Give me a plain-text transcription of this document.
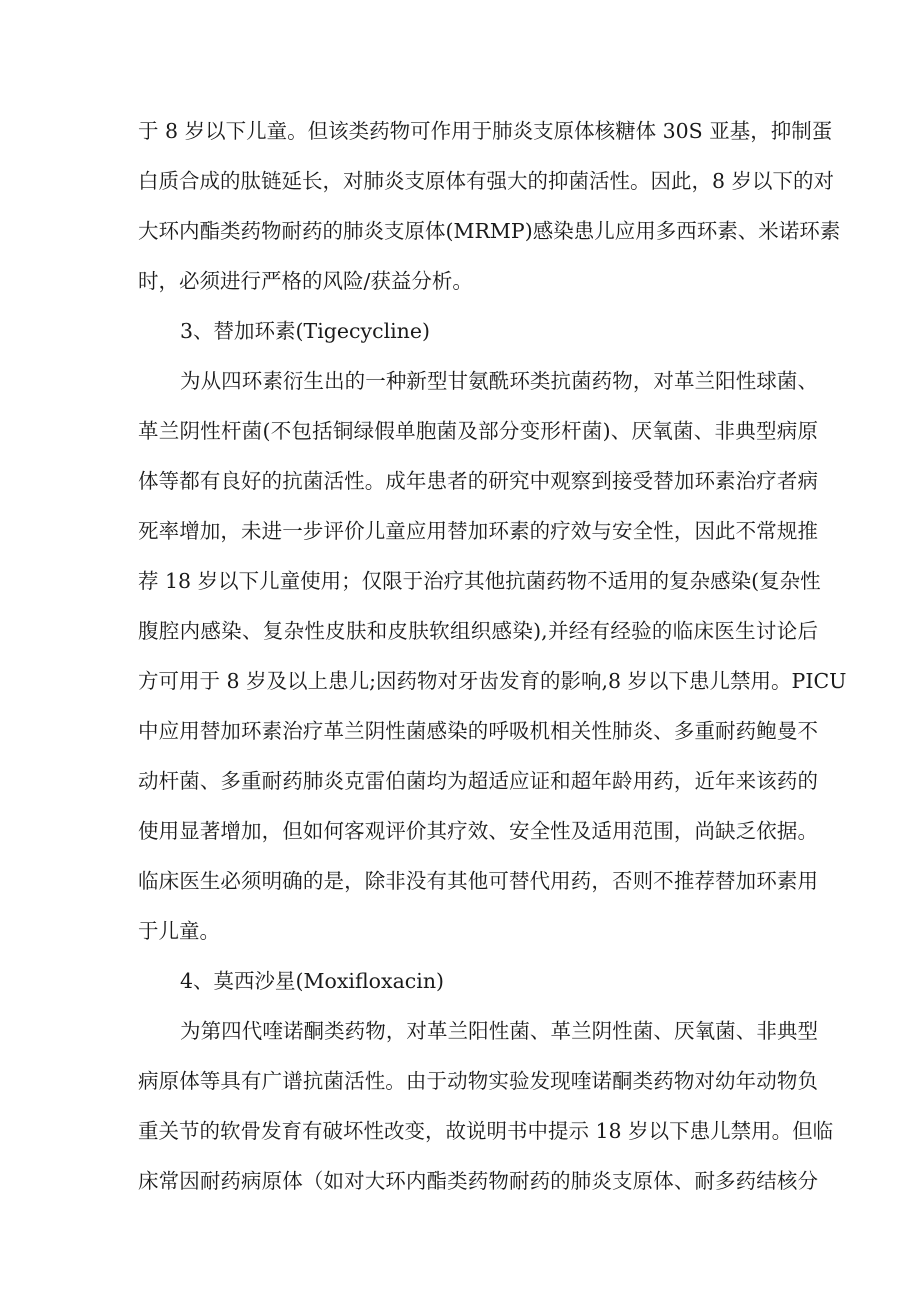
于 8 岁以下儿童。但该类药物可作用于肺炎支原体核糖体 30S 亚基，抑制蛋
白质合成的肽链延长，对肺炎支原体有强大的抑菌活性。因此，8 岁以下的对
大环内酯类药物耐药的肺炎支原体(MRMP)感染患儿应用多西环素、米诺环素
时，必须进行严格的风险/获益分析。
3、替加环素(Tigecycline)
为从四环素衍生出的一种新型甘氨酰环类抗菌药物，对革兰阳性球菌、
革兰阴性杆菌(不包括铜绿假单胞菌及部分变形杆菌)、厌氧菌、非典型病原
体等都有良好的抗菌活性。成年患者的研究中观察到接受替加环素治疗者病
死率增加，未进一步评价儿童应用替加环素的疗效与安全性，因此不常规推
荐 18 岁以下儿童使用；仅限于治疗其他抗菌药物不适用的复杂感染(复杂性
腹腔内感染、复杂性皮肤和皮肤软组织感染),并经有经验的临床医生讨论后
方可用于 8 岁及以上患儿;因药物对牙齿发育的影响,8 岁以下患儿禁用。PICU
中应用替加环素治疗革兰阴性菌感染的呼吸机相关性肺炎、多重耐药鲍曼不
动杆菌、多重耐药肺炎克雷伯菌均为超适应证和超年龄用药，近年来该药的
使用显著增加，但如何客观评价其疗效、安全性及适用范围，尚缺乏依据。
临床医生必须明确的是，除非没有其他可替代用药，否则不推荐替加环素用
于儿童。
4、莫西沙星(Moxifloxacin)
为第四代喹诺酮类药物，对革兰阳性菌、革兰阴性菌、厌氧菌、非典型
病原体等具有广谱抗菌活性。由于动物实验发现喹诺酮类药物对幼年动物负
重关节的软骨发育有破坏性改变，故说明书中提示 18 岁以下患儿禁用。但临
床常因耐药病原体（如对大环内酯类药物耐药的肺炎支原体、耐多药结核分
